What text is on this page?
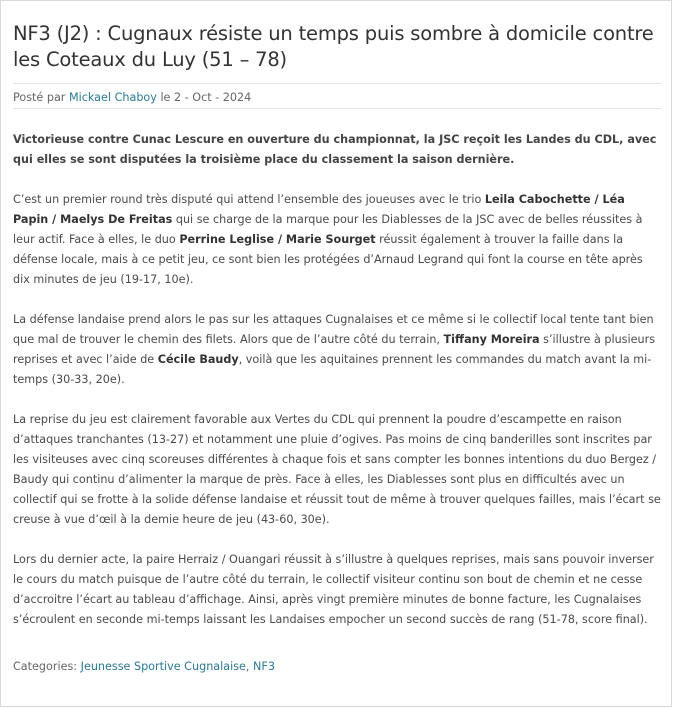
NF3 (J2) : Cugnaux résiste un temps puis sombre à domicile contre les Coteaux du Luy (51 – 78)
Posté par Mickael Chaboy le 2 - Oct - 2024

Victorieuse contre Cunac Lescure en ouverture du championnat, la JSC reçoit les Landes du CDL, avec qui elles se sont disputées la troisième place du classement la saison dernière.

C’est un premier round très disputé qui attend l’ensemble des joueuses avec le trio Leila Cabochette / Léa Papin / Maelys De Freitas qui se charge de la marque pour les Diablesses de la JSC avec de belles réussites à leur actif. Face à elles, le duo Perrine Leglise / Marie Sourget réussit également à trouver la faille dans la défense locale, mais à ce petit jeu, ce sont bien les protégées d’Arnaud Legrand qui font la course en tête après dix minutes de jeu (19-17, 10e).

La défense landaise prend alors le pas sur les attaques Cugnalaises et ce même si le collectif local tente tant bien que mal de trouver le chemin des filets. Alors que de l’autre côté du terrain, Tiffany Moreira s’illustre à plusieurs reprises et avec l’aide de Cécile Baudy, voilà que les aquitaines prennent les commandes du match avant la mi-temps (30-33, 20e).

La reprise du jeu est clairement favorable aux Vertes du CDL qui prennent la poudre d’escampette en raison d’attaques tranchantes (13-27) et notamment une pluie d’ogives. Pas moins de cinq banderilles sont inscrites par les visiteuses avec cinq scoreuses différentes à chaque fois et sans compter les bonnes intentions du duo Bergez / Baudy qui continu d’alimenter la marque de près. Face à elles, les Diablesses sont plus en difficultés avec un collectif qui se frotte à la solide défense landaise et réussit tout de même à trouver quelques failles, mais l’écart se creuse à vue d’œil à la demie heure de jeu (43-60, 30e).

Lors du dernier acte, la paire Herraiz / Ouangari réussit à s’illustre à quelques reprises, mais sans pouvoir inverser le cours du match puisque de l’autre côté du terrain, le collectif visiteur continu son bout de chemin et ne cesse d’accroitre l’écart au tableau d’affichage. Ainsi, après vingt première minutes de bonne facture, les Cugnalaises s’écroulent en seconde mi-temps laissant les Landaises empocher un second succès de rang (51-78, score final).

Categories: Jeunesse Sportive Cugnalaise, NF3
